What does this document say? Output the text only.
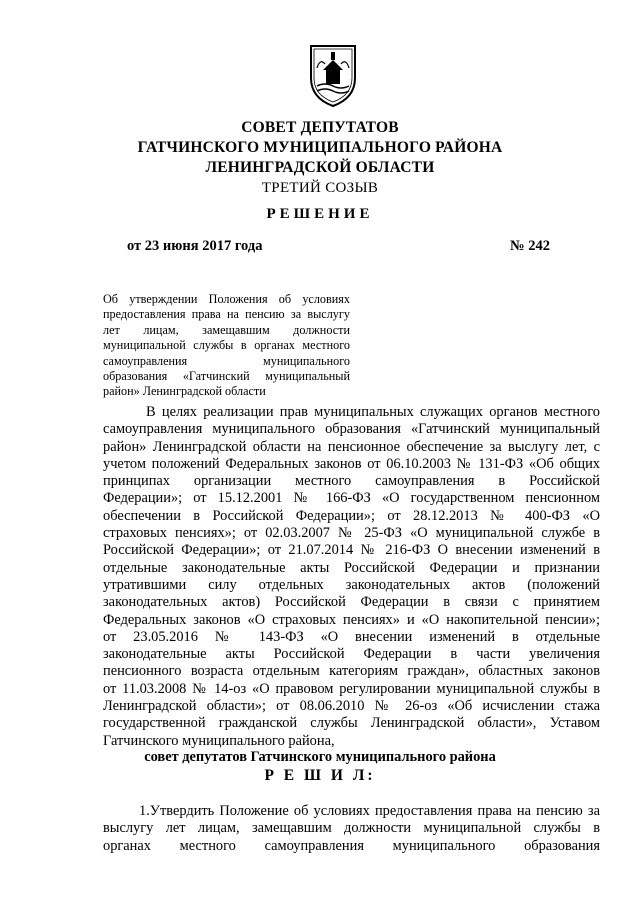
СОВЕТ ДЕПУТАТОВ
ГАТЧИНСКОГО МУНИЦИПАЛЬНОГО РАЙОНА
ЛЕНИНГРАДСКОЙ ОБЛАСТИ
ТРЕТИЙ СОЗЫВ
РЕШЕНИЕ
от 23 июня 2017 года	№ 242
Об утверждении Положения об условиях
предоставления права на пенсию за выслугу
лет лицам, замещавшим должности
муниципальной службы в органах местного
самоуправления муниципального
образования «Гатчинский муниципальный
район» Ленинградской области
В целях реализации прав муниципальных служащих органов местного
самоуправления муниципального образования «Гатчинский муниципальный
район» Ленинградской области на пенсионное обеспечение за выслугу лет, с
учетом положений Федеральных законов от 06.10.2003 № 131-ФЗ «Об общих
принципах организации местного самоуправления в Российской
Федерации»; от 15.12.2001 № 166-ФЗ «О государственном пенсионном
обеспечении в Российской Федерации»; от 28.12.2013 № 400-ФЗ «О
страховых пенсиях»; от 02.03.2007 № 25-ФЗ «О муниципальной службе в
Российской Федерации»; от 21.07.2014 № 216-ФЗ О внесении изменений в
отдельные законодательные акты Российской Федерации и признании
утратившими силу отдельных законодательных актов (положений
законодательных актов) Российской Федерации в связи с принятием
Федеральных законов «О страховых пенсиях» и «О накопительной пенсии»;
от 23.05.2016 № 143-ФЗ «О внесении изменений в отдельные
законодательные акты Российской Федерации в части увеличения
пенсионного возраста отдельным категориям граждан», областных законов
от 11.03.2008 № 14-оз «О правовом регулировании муниципальной службы в
Ленинградской области»; от 08.06.2010 № 26-оз «Об исчислении стажа
государственной гражданской службы Ленинградской области», Уставом
Гатчинского муниципального района,
совет депутатов Гатчинского муниципального района
Р Е Ш И Л:
1.Утвердить Положение об условиях предоставления права на пенсию за
выслугу лет лицам, замещавшим должности муниципальной службы в
органах местного самоуправления муниципального образования
